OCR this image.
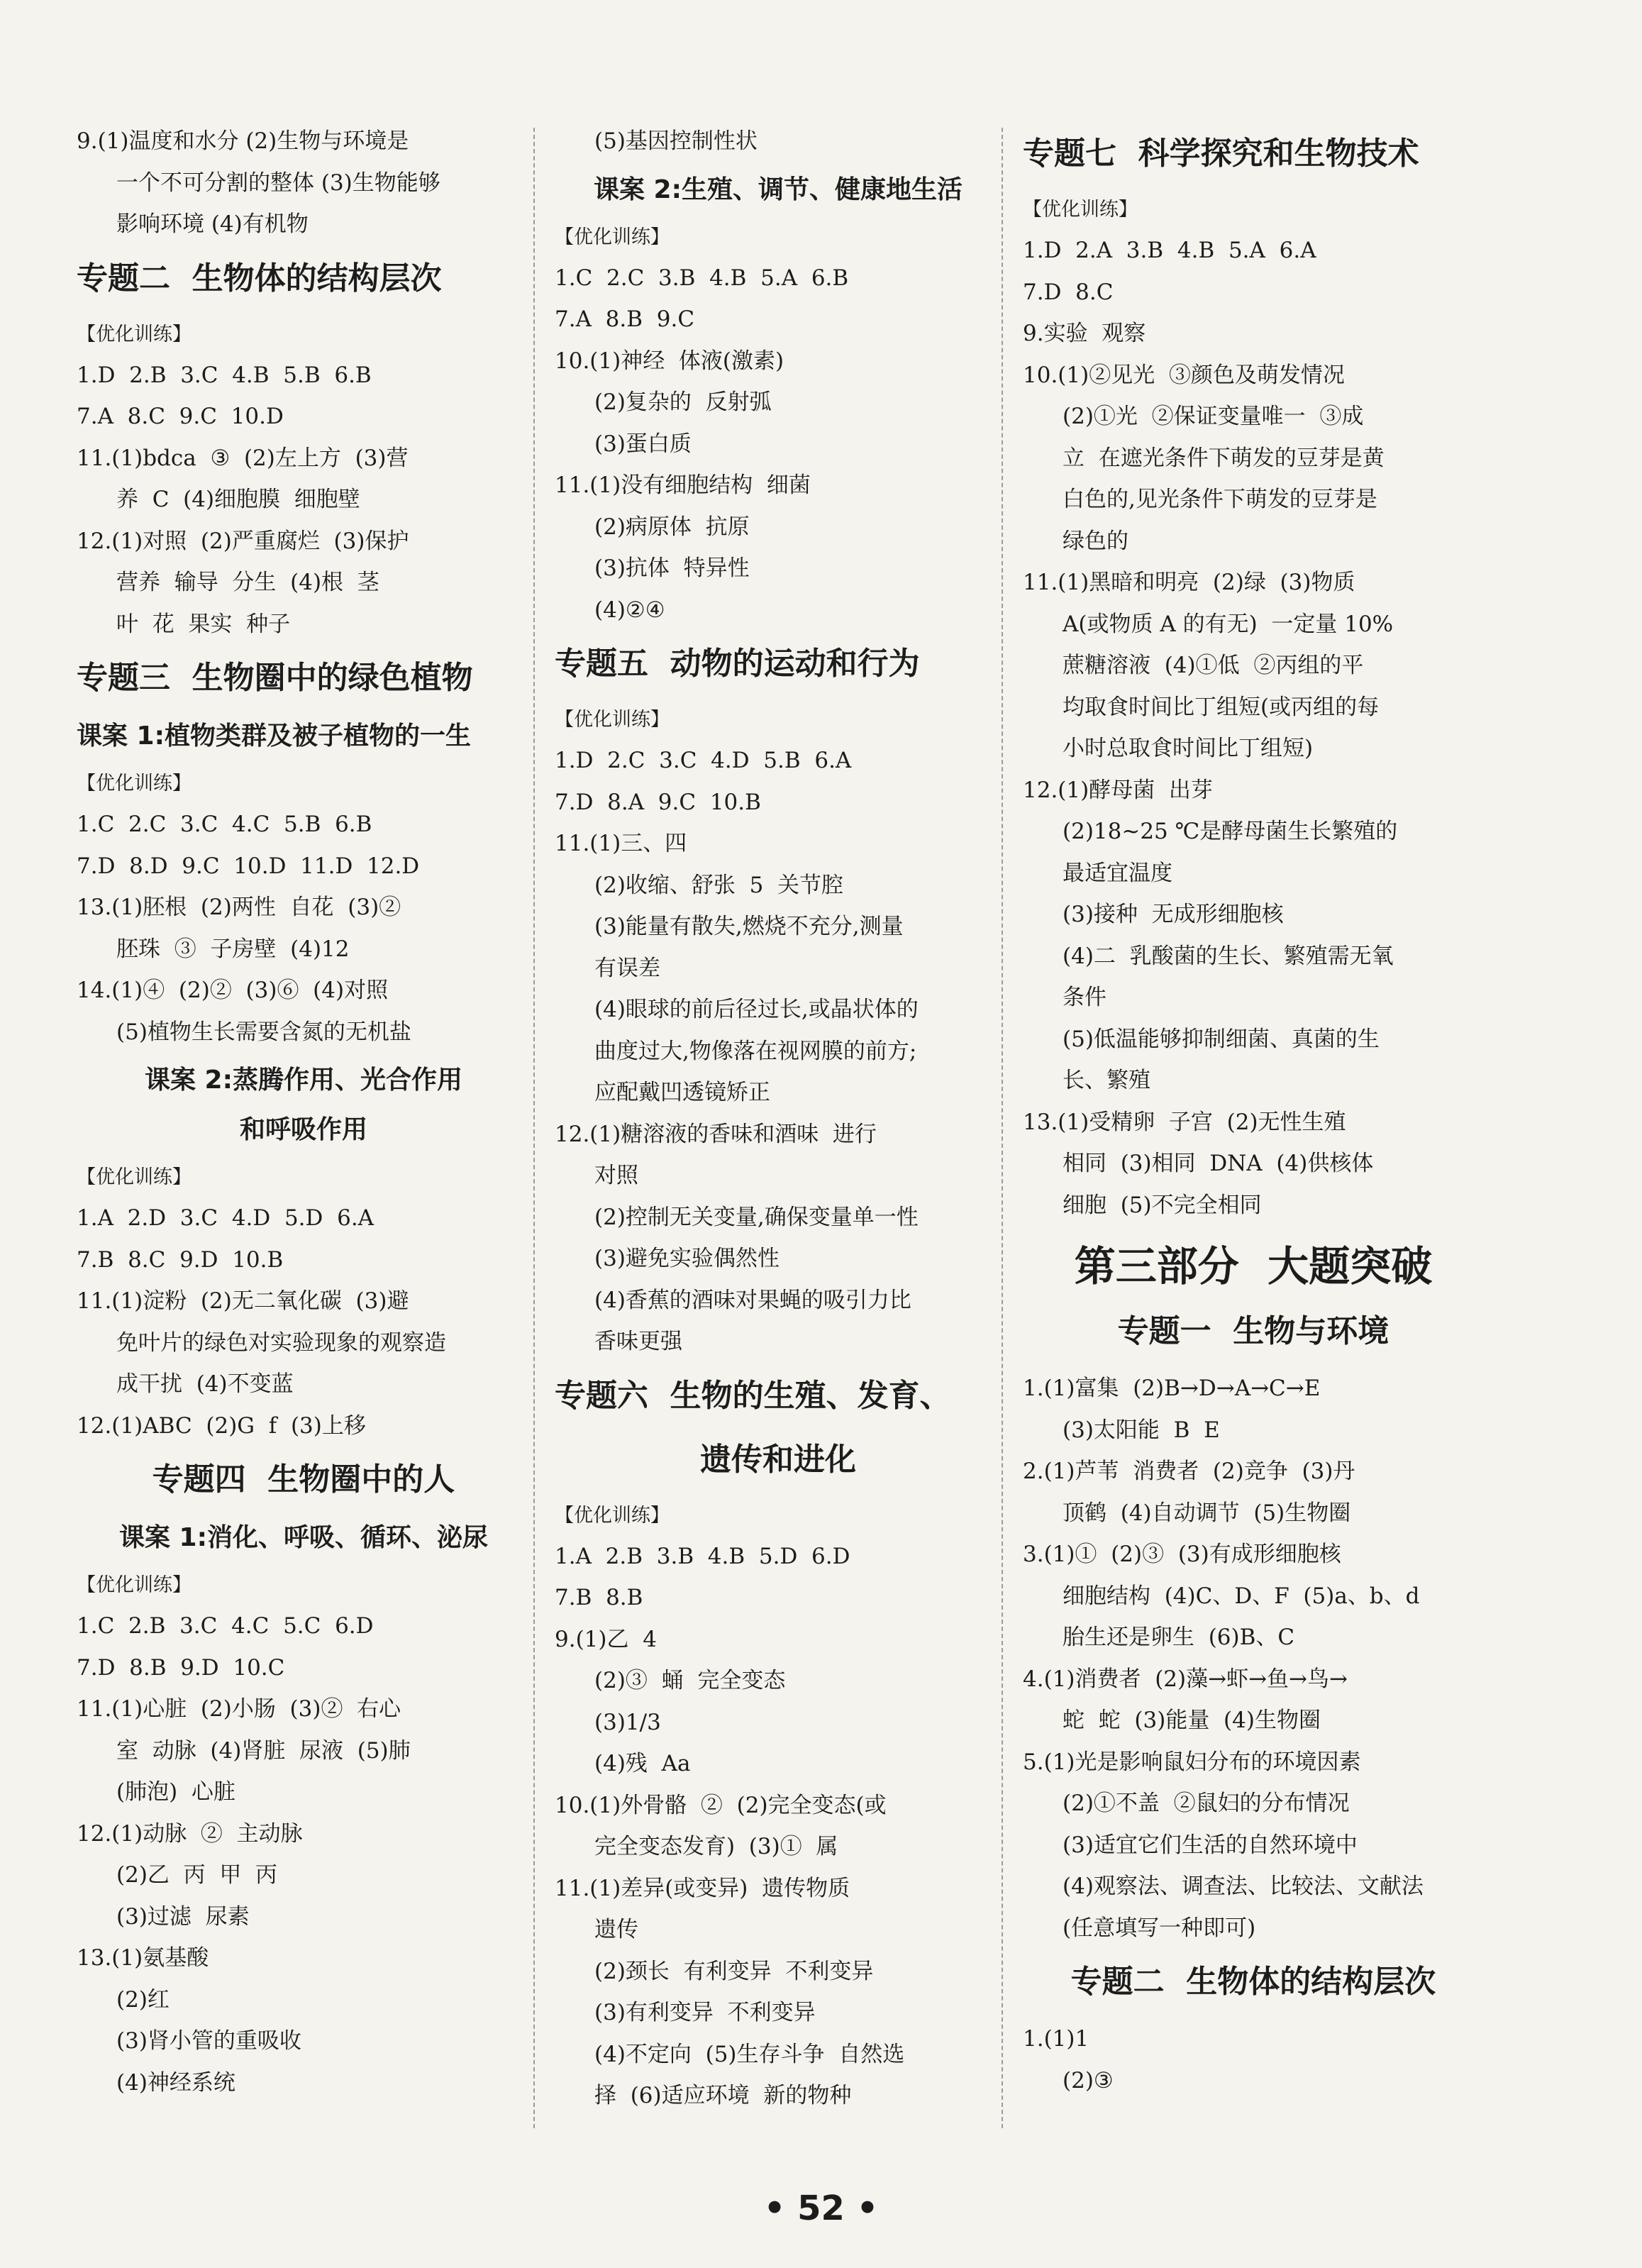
9.(1)温度和水分 (2)生物与环境是
一个不可分割的整体 (3)生物能够
影响环境 (4)有机物
专题二  生物体的结构层次
【优化训练】
1.D  2.B  3.C  4.B  5.B  6.B
7.A  8.C  9.C  10.D
11.(1)bdca  ③  (2)左上方  (3)营
养  C  (4)细胞膜  细胞壁
12.(1)对照  (2)严重腐烂  (3)保护
营养  输导  分生  (4)根  茎
叶  花  果实  种子
专题三  生物圈中的绿色植物
课案 1:植物类群及被子植物的一生
【优化训练】
1.C  2.C  3.C  4.C  5.B  6.B
7.D  8.D  9.C  10.D  11.D  12.D
13.(1)胚根  (2)两性  自花  (3)②
胚珠  ③  子房壁  (4)12
14.(1)④  (2)②  (3)⑥  (4)对照
(5)植物生长需要含氮的无机盐
课案 2:蒸腾作用、光合作用
和呼吸作用
【优化训练】
1.A  2.D  3.C  4.D  5.D  6.A
7.B  8.C  9.D  10.B
11.(1)淀粉  (2)无二氧化碳  (3)避
免叶片的绿色对实验现象的观察造
成干扰  (4)不变蓝
12.(1)ABC  (2)G  f  (3)上移
专题四  生物圈中的人
课案 1:消化、呼吸、循环、泌尿
【优化训练】
1.C  2.B  3.C  4.C  5.C  6.D
7.D  8.B  9.D  10.C
11.(1)心脏  (2)小肠  (3)②  右心
室  动脉  (4)肾脏  尿液  (5)肺
(肺泡)  心脏
12.(1)动脉  ②  主动脉
(2)乙  丙  甲  丙
(3)过滤  尿素
13.(1)氨基酸
(2)红
(3)肾小管的重吸收
(4)神经系统
(5)基因控制性状
课案 2:生殖、调节、健康地生活
【优化训练】
1.C  2.C  3.B  4.B  5.A  6.B
7.A  8.B  9.C
10.(1)神经  体液(激素)
(2)复杂的  反射弧
(3)蛋白质
11.(1)没有细胞结构  细菌
(2)病原体  抗原
(3)抗体  特异性
(4)②④
专题五  动物的运动和行为
【优化训练】
1.D  2.C  3.C  4.D  5.B  6.A
7.D  8.A  9.C  10.B
11.(1)三、四
(2)收缩、舒张  5  关节腔
(3)能量有散失,燃烧不充分,测量
有误差
(4)眼球的前后径过长,或晶状体的
曲度过大,物像落在视网膜的前方;
应配戴凹透镜矫正
12.(1)糖溶液的香味和酒味  进行
对照
(2)控制无关变量,确保变量单一性
(3)避免实验偶然性
(4)香蕉的酒味对果蝇的吸引力比
香味更强
专题六  生物的生殖、发育、
遗传和进化
【优化训练】
1.A  2.B  3.B  4.B  5.D  6.D
7.B  8.B
9.(1)乙  4
(2)③  蛹  完全变态
(3)1/3
(4)残  Aa
10.(1)外骨骼  ②  (2)完全变态(或
完全变态发育)  (3)①  属
11.(1)差异(或变异)  遗传物质
遗传
(2)颈长  有利变异  不利变异
(3)有利变异  不利变异
(4)不定向  (5)生存斗争  自然选
择  (6)适应环境  新的物种
专题七  科学探究和生物技术
【优化训练】
1.D  2.A  3.B  4.B  5.A  6.A
7.D  8.C
9.实验  观察
10.(1)②见光  ③颜色及萌发情况
(2)①光  ②保证变量唯一  ③成
立  在遮光条件下萌发的豆芽是黄
白色的,见光条件下萌发的豆芽是
绿色的
11.(1)黑暗和明亮  (2)绿  (3)物质
A(或物质 A 的有无)  一定量 10%
蔗糖溶液  (4)①低  ②丙组的平
均取食时间比丁组短(或丙组的每
小时总取食时间比丁组短)
12.(1)酵母菌  出芽
(2)18~25 ℃是酵母菌生长繁殖的
最适宜温度
(3)接种  无成形细胞核
(4)二  乳酸菌的生长、繁殖需无氧
条件
(5)低温能够抑制细菌、真菌的生
长、繁殖
13.(1)受精卵  子宫  (2)无性生殖
相同  (3)相同  DNA  (4)供核体
细胞  (5)不完全相同
第三部分  大题突破
专题一  生物与环境
1.(1)富集  (2)B→D→A→C→E
(3)太阳能  B  E
2.(1)芦苇  消费者  (2)竞争  (3)丹
顶鹤  (4)自动调节  (5)生物圈
3.(1)①  (2)③  (3)有成形细胞核
细胞结构  (4)C、D、F  (5)a、b、d
胎生还是卵生  (6)B、C
4.(1)消费者  (2)藻→虾→鱼→鸟→
蛇  蛇  (3)能量  (4)生物圈
5.(1)光是影响鼠妇分布的环境因素
(2)①不盖  ②鼠妇的分布情况
(3)适宜它们生活的自然环境中
(4)观察法、调查法、比较法、文献法
(任意填写一种即可)
专题二  生物体的结构层次
1.(1)1
(2)③
• 52 •
